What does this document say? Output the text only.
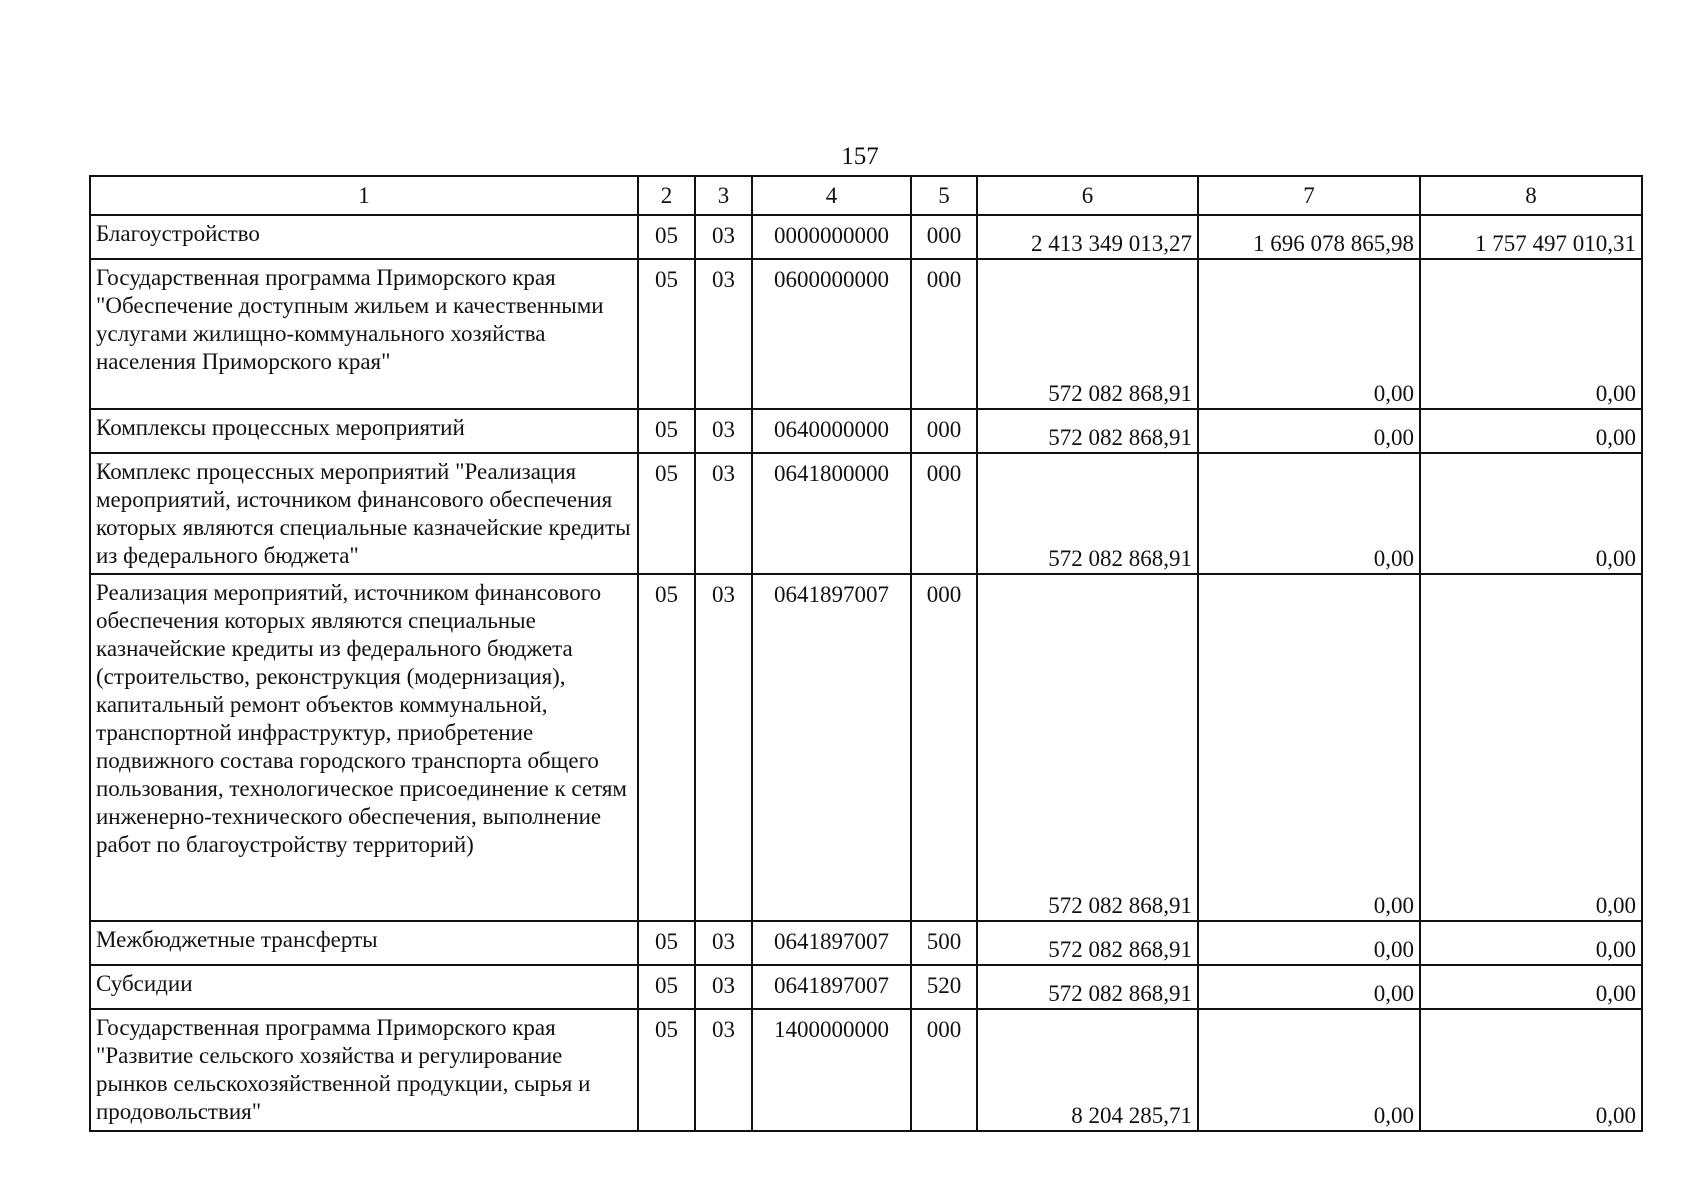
157
1	2	3	4	5	6	7	8
Благоустройство	05	03	0000000000	000	2 413 349 013,27	1 696 078 865,98	1 757 497 010,31
Государственная программа Приморского края "Обеспечение доступным жильем и качественными услугами жилищно-коммунального хозяйства населения Приморского края"	05	03	0600000000	000	572 082 868,91	0,00	0,00
Комплексы процессных мероприятий	05	03	0640000000	000	572 082 868,91	0,00	0,00
Комплекс процессных мероприятий "Реализация мероприятий, источником финансового обеспечения которых являются специальные казначейские кредиты из федерального бюджета"	05	03	0641800000	000	572 082 868,91	0,00	0,00
Реализация мероприятий, источником финансового обеспечения которых являются специальные казначейские кредиты из федерального бюджета (строительство, реконструкция (модернизация), капитальный ремонт объектов коммунальной, транспортной инфраструктур, приобретение подвижного состава городского транспорта общего пользования, технологическое присоединение к сетям инженерно-технического обеспечения, выполнение работ по благоустройству территорий)	05	03	0641897007	000	572 082 868,91	0,00	0,00
Межбюджетные трансферты	05	03	0641897007	500	572 082 868,91	0,00	0,00
Субсидии	05	03	0641897007	520	572 082 868,91	0,00	0,00
Государственная программа Приморского края "Развитие сельского хозяйства и регулирование рынков сельскохозяйственной продукции, сырья и продовольствия"	05	03	1400000000	000	8 204 285,71	0,00	0,00
